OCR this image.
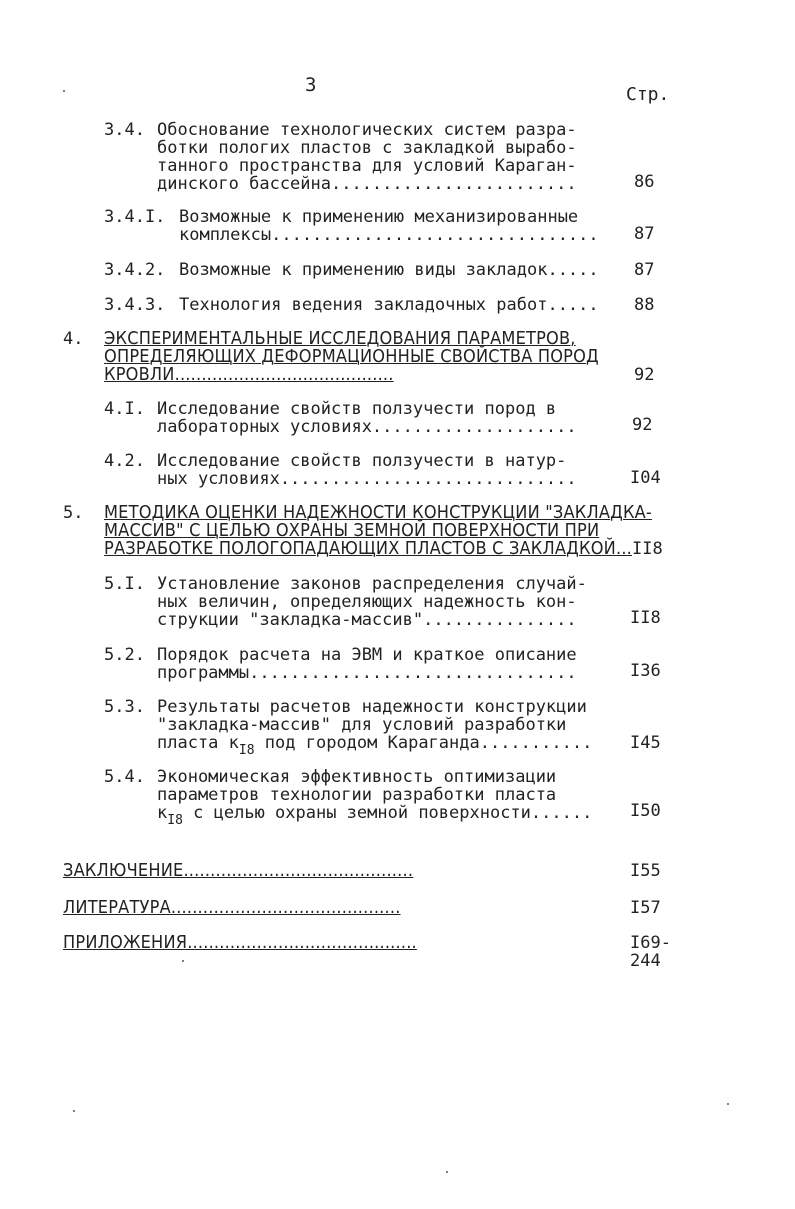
3	Стр.
3.4. Обоснование технологических систем разра-
ботки пологих пластов с закладкой вырабо-
танного пространства для условий Караган-
динского бассейна........................	86
3.4.I. Возможные к применению механизированные
комплексы................................	87
3.4.2. Возможные к применению виды закладок.....	87
3.4.3. Технология ведения закладочных работ.....	88
4. ЭКСПЕРИМЕНТАЛЬНЫЕ ИССЛЕДОВАНИЯ ПАРАМЕТРОВ,
ОПРЕДЕЛЯЮЩИХ ДЕФОРМАЦИОННЫЕ СВОЙСТВА ПОРОД
КРОВЛИ.........................................	92
4.I. Исследование свойств ползучести пород в
лабораторных условиях....................	92
4.2. Исследование свойств ползучести в натур-
ных условиях.............................	I04
5. МЕТОДИКА ОЦЕНКИ НАДЕЖНОСТИ КОНСТРУКЦИИ "ЗАКЛАДКА-
МАССИВ" С ЦЕЛЬЮ ОХРАНЫ ЗЕМНОЙ ПОВЕРХНОСТИ ПРИ
РАЗРАБОТКЕ ПОЛОГОПАДАЮЩИХ ПЛАСТОВ С ЗАКЛАДКОЙ... II8
5.I. Установление законов распределения случай-
ных величин, определяющих надежность кон-
струкции "закладка-массив"...............	II8
5.2. Порядок расчета на ЭВМ и краткое описание
программы................................	I36
5.3. Результаты расчетов надежности конструкции
"закладка-массив" для условий разработки
пласта $к_{I8}$ под городом Караганда...........	I45
5.4. Экономическая эффективность оптимизации
параметров технологии разработки пласта
$к_{I8}$ с целью охраны земной поверхности......	I50
ЗАКЛЮЧЕНИЕ...........................................	I55
ЛИТЕРАТУРА...........................................	I57
ПРИЛОЖЕНИЯ...........................................	I69-244
